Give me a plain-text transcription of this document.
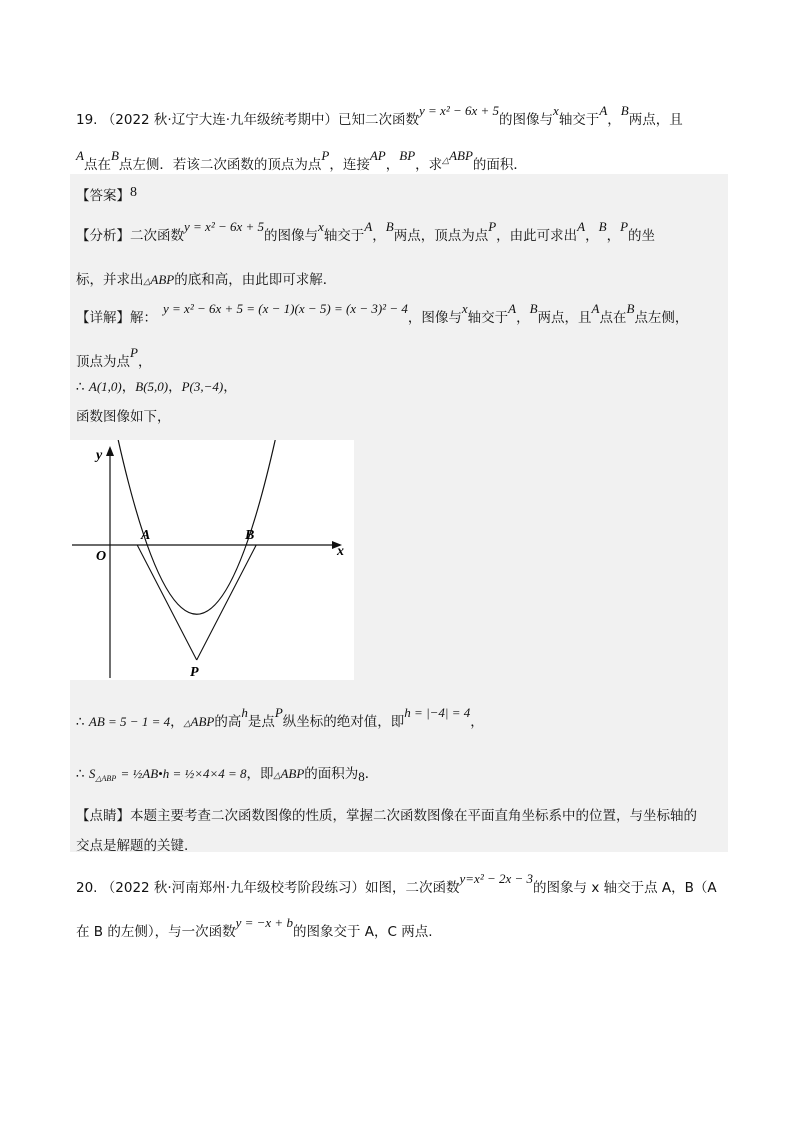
19. （2022 秋·辽宁大连·九年级统考期中）已知二次函数y = x² − 6x + 5的图像与x轴交于A，B两点，且
A点在B点左侧．若该二次函数的顶点为点P，连接AP，BP，求△ABP的面积．
【答案】8
【分析】二次函数y = x² − 6x + 5的图像与x轴交于A，B两点，顶点为点P，由此可求出A，B，P的坐
标，并求出△ABP的底和高，由此即可求解．
【详解】解：y = x² − 6x + 5 = (x − 1)(x − 5) = (x − 3)² − 4，图像与x轴交于A，B两点，且A点在B点左侧，
顶点为点P，
∴ A(1,0)，B(5,0)，P(3,−4)，
函数图像如下，
y
x
O
A	B
P
∴ AB = 5 − 1 = 4，△ABP的高h是点P纵坐标的绝对值，即h = |−4| = 4，
∴ $S_{\triangle ABP}$ = ½AB•h = ½×4×4 = 8，即△ABP的面积为8．
【点睛】本题主要考查二次函数图像的性质，掌握二次函数图像在平面直角坐标系中的位置，与坐标轴的
交点是解题的关键.
20. （2022 秋·河南郑州·九年级校考阶段练习）如图，二次函数y=x² − 2x − 3的图象与 x 轴交于点 A，B（A
在 B 的左侧），与一次函数y = −x + b的图象交于 A，C 两点.
